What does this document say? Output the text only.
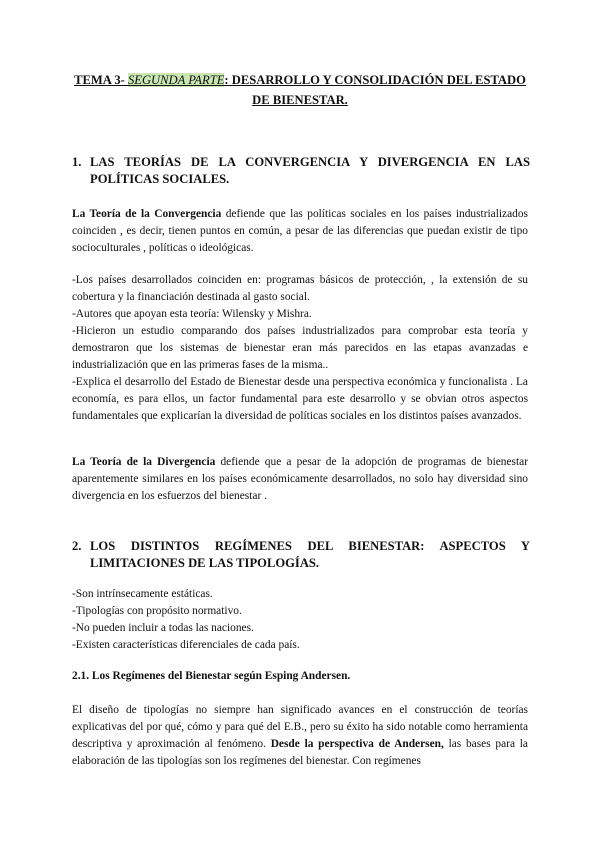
TEMA 3- SEGUNDA PARTE: DESARROLLO Y CONSOLIDACIÓN DEL ESTADO
DE BIENESTAR.
1. LAS TEORÍAS DE LA CONVERGENCIA Y DIVERGENCIA EN LAS POLÍTICAS SOCIALES.

La Teoría de la Convergencia defiende que las políticas sociales en los países industrializados coinciden , es decir, tienen puntos en común, a pesar de las diferencias que puedan existir de tipo socioculturales , políticas o ideológicas.

-Los países desarrollados coinciden en: programas básicos de protección, , la extensión de su cobertura y la financiación destinada al gasto social.
-Autores que apoyan esta teoría: Wilensky y Mishra.
-Hicieron un estudio comparando dos países industrializados para comprobar esta teoría y demostraron que los sistemas de bienestar eran más parecidos en las etapas avanzadas e industrialización que en las primeras fases de la misma..
-Explica el desarrollo del Estado de Bienestar desde una perspectiva económica y funcionalista . La economía, es para ellos, un factor fundamental para este desarrollo y se obvian otros aspectos fundamentales que explicarían la diversidad de políticas sociales en los distintos países avanzados.

La Teoría de la Divergencia defiende que a pesar de la adopción de programas de bienestar aparentemente similares en los países económicamente desarrollados, no solo hay diversidad sino divergencia en los esfuerzos del bienestar .

2. LOS DISTINTOS REGÍMENES DEL BIENESTAR: ASPECTOS Y LIMITACIONES DE LAS TIPOLOGÍAS.

-Son intrínsecamente estáticas.
-Tipologías con propósito normativo.
-No pueden incluir a todas las naciones.
-Existen características diferenciales de cada país.

2.1. Los Regímenes del Bienestar según Esping Andersen.

El diseño de tipologías no siempre han significado avances en el construcción de teorías explicativas del por qué, cómo y para qué del E.B., pero su éxito ha sido notable como herramienta descriptiva y aproximación al fenómeno. Desde la perspectiva de Andersen, las bases para la elaboración de las tipologías son los regímenes del bienestar. Con regímenes
